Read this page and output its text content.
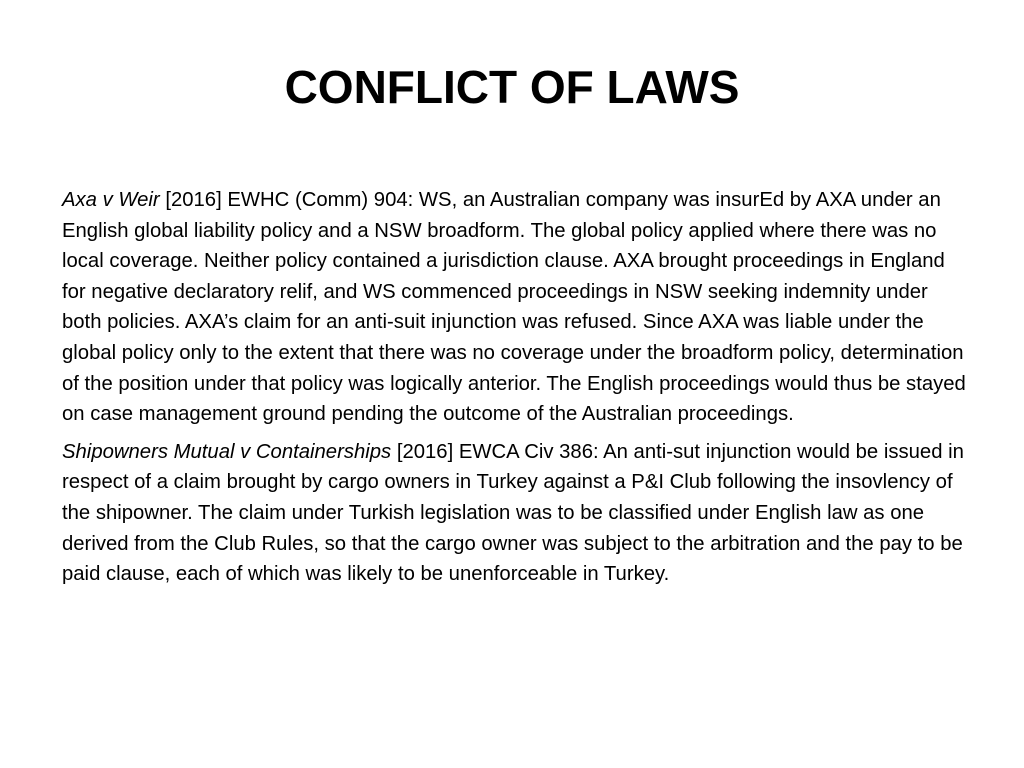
CONFLICT OF LAWS

Axa v Weir [2016] EWHC (Comm) 904: WS, an Australian company was insurEd by AXA under an English global liability policy and a NSW broadform. The global policy applied where there was no local coverage. Neither policy contained a jurisdiction clause. AXA brought proceedings in England for negative declaratory relif, and WS commenced proceedings in NSW seeking indemnity under both policies. AXA’s claim for an anti-suit injunction was refused. Since AXA was liable under the global policy only to the extent that there was no coverage under the broadform policy, determination of the position under that policy was logically anterior. The English proceedings would thus be stayed on case management ground pending the outcome of the Australian proceedings.

Shipowners Mutual v Containerships [2016] EWCA Civ 386: An anti-sut injunction would be issued in respect of a claim brought by cargo owners in Turkey against a P&I Club following the insovlency of the shipowner. The claim under Turkish legislation was to be classified under English law as one derived from the Club Rules, so that the cargo owner was subject to the arbitration and the pay to be paid clause, each of which was likely to be unenforceable in Turkey.
